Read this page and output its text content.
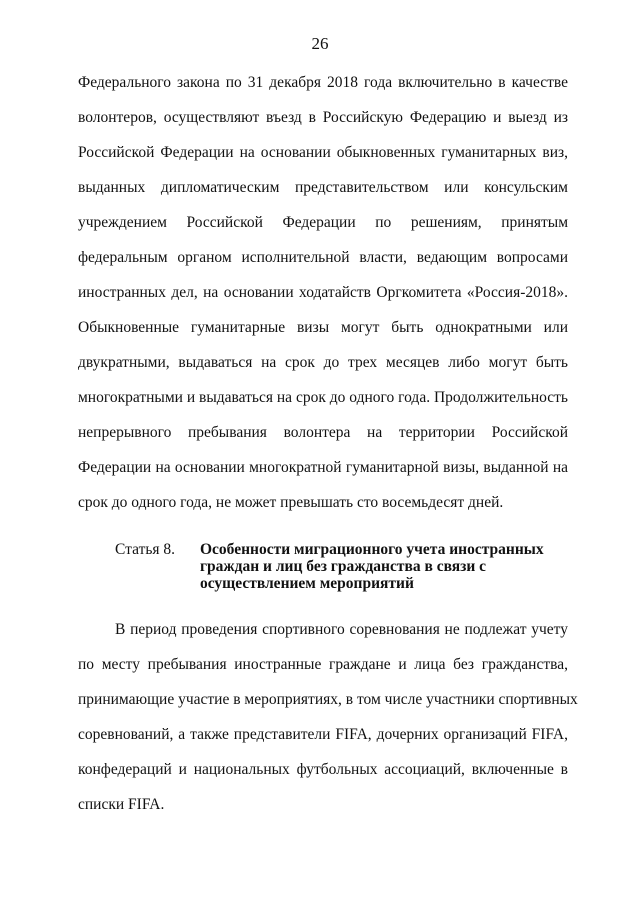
26
Федерального закона по 31 декабря 2018 года включительно в качестве
волонтеров, осуществляют въезд в Российскую Федерацию и выезд из
Российской Федерации на основании обыкновенных гуманитарных виз,
выданных дипломатическим представительством или консульским
учреждением Российской Федерации по решениям, принятым
федеральным органом исполнительной власти, ведающим вопросами
иностранных дел, на основании ходатайств Оргкомитета «Россия-2018».
Обыкновенные гуманитарные визы могут быть однократными или
двукратными, выдаваться на срок до трех месяцев либо могут быть
многократными и выдаваться на срок до одного года. Продолжительность
непрерывного пребывания волонтера на территории Российской
Федерации на основании многократной гуманитарной визы, выданной на
срок до одного года, не может превышать сто восемьдесят дней.
Статья 8. Особенности миграционного учета иностранных
граждан и лиц без гражданства в связи с
осуществлением мероприятий
В период проведения спортивного соревнования не подлежат учету
по месту пребывания иностранные граждане и лица без гражданства,
принимающие участие в мероприятиях, в том числе участники спортивных
соревнований, а также представители FIFA, дочерних организаций FIFA,
конфедераций и национальных футбольных ассоциаций, включенные в
списки FIFA.
